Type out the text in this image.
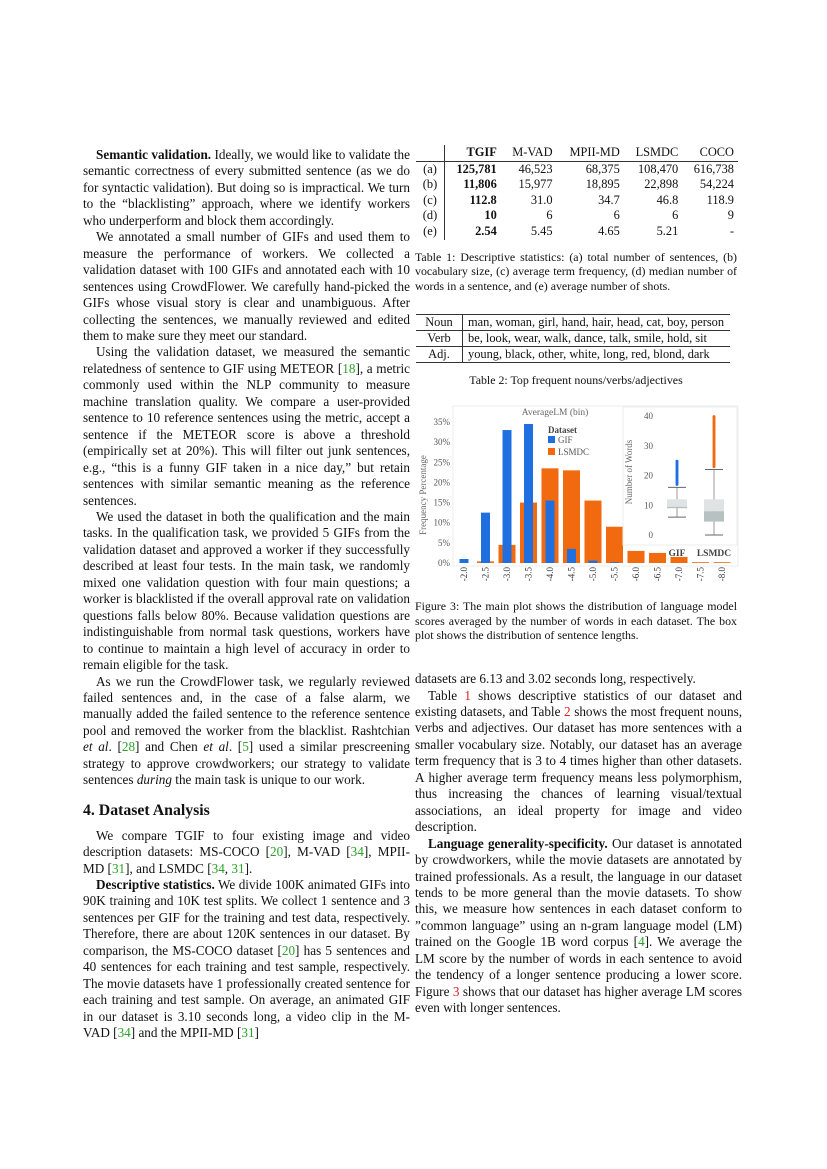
Semantic validation. Ideally, we would like to validate the semantic correctness of every submitted sentence (as we do for syntactic validation). But doing so is impractical. We turn to the “blacklisting” approach, where we identify workers who underperform and block them accordingly.

We annotated a small number of GIFs and used them to measure the performance of workers. We collected a validation dataset with 100 GIFs and annotated each with 10 sentences using CrowdFlower. We carefully hand-picked the GIFs whose visual story is clear and unambiguous. After collecting the sentences, we manually reviewed and edited them to make sure they meet our standard.

Using the validation dataset, we measured the semantic relatedness of sentence to GIF using METEOR [18], a metric commonly used within the NLP community to measure machine translation quality. We compare a user-provided sentence to 10 reference sentences using the metric, accept a sentence if the METEOR score is above a threshold (empirically set at 20%). This will filter out junk sentences, e.g., “this is a funny GIF taken in a nice day,” but retain sentences with similar semantic meaning as the reference sentences.

We used the dataset in both the qualification and the main tasks. In the qualification task, we provided 5 GIFs from the validation dataset and approved a worker if they successfully described at least four tests. In the main task, we randomly mixed one validation question with four main questions; a worker is blacklisted if the overall approval rate on validation questions falls below 80%. Because validation questions are indistinguishable from normal task questions, workers have to continue to maintain a high level of accuracy in order to remain eligible for the task.

As we run the CrowdFlower task, we regularly reviewed failed sentences and, in the case of a false alarm, we manually added the failed sentence to the reference sentence pool and removed the worker from the blacklist. Rashtchian et al. [28] and Chen et al. [5] used a similar prescreening strategy to approve crowdworkers; our strategy to validate sentences during the main task is unique to our work.

4. Dataset Analysis

We compare TGIF to four existing image and video description datasets: MS-COCO [20], M-VAD [34], MPII-MD [31], and LSMDC [34, 31].

Descriptive statistics. We divide 100K animated GIFs into 90K training and 10K test splits. We collect 1 sentence and 3 sentences per GIF for the training and test data, respectively. Therefore, there are about 120K sentences in our dataset. By comparison, the MS-COCO dataset [20] has 5 sentences and 40 sentences for each training and test sample, respectively. The movie datasets have 1 professionally created sentence for each training and test sample. On average, an animated GIF in our dataset is 3.10 seconds long, a video clip in the M-VAD [34] and the MPII-MD [31]

	TGIF	M-VAD	MPII-MD	LSMDC	COCO
(a)	125,781	46,523	68,375	108,470	616,738
(b)	11,806	15,977	18,895	22,898	54,224
(c)	112.8	31.0	34.7	46.8	118.9
(d)	10	6	6	6	9
(e)	2.54	5.45	4.65	5.21	-
Table 1: Descriptive statistics: (a) total number of sentences, (b) vocabulary size, (c) average term frequency, (d) median number of words in a sentence, and (e) average number of shots.
Noun	man, woman, girl, hand, hair, head, cat, boy, person
Verb	be, look, wear, walk, dance, talk, smile, hold, sit
Adj.	young, black, other, white, long, red, blond, dark
Table 2: Top frequent nouns/verbs/adjectives
AverageLM (bin)
Frequency Percentage
0%
5%
10%
15%
20%
25%
30%
35%
-2.0 -2.5 -3.0 -3.5 -4.0 -4.5 -5.0 -5.5 -6.0 -6.5 -7.0 -7.5 -8.0
Dataset
GIF
LSMDC	Number of Words
0
10
20
30
40
GIF LSMDC
Figure 3: The main plot shows the distribution of language model scores averaged by the number of words in each dataset. The box plot shows the distribution of sentence lengths.

datasets are 6.13 and 3.02 seconds long, respectively.

Table 1 shows descriptive statistics of our dataset and existing datasets, and Table 2 shows the most frequent nouns, verbs and adjectives. Our dataset has more sentences with a smaller vocabulary size. Notably, our dataset has an average term frequency that is 3 to 4 times higher than other datasets. A higher average term frequency means less polymorphism, thus increasing the chances of learning visual/textual associations, an ideal property for image and video description.

Language generality-specificity. Our dataset is annotated by crowdworkers, while the movie datasets are annotated by trained professionals. As a result, the language in our dataset tends to be more general than the movie datasets. To show this, we measure how sentences in each dataset conform to ”common language” using an n-gram language model (LM) trained on the Google 1B word corpus [4]. We average the LM score by the number of words in each sentence to avoid the tendency of a longer sentence producing a lower score. Figure 3 shows that our dataset has higher average LM scores even with longer sentences.
